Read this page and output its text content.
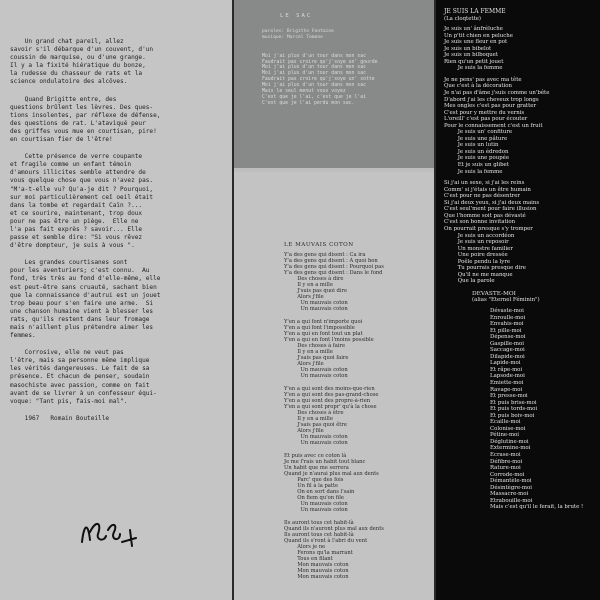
Un grand chat pareil, allez
savoir s'il débarque d'un couvent, d'un
coussin de marquise, ou d'une grange.
Il y a la fixité hiératique du bonze,
la rudesse du chasseur de rats et la
science ondulatoire des alcôves.

Quand Brigitte entre, des
questions brûlent les lèvres. Des ques-
tions insolentes, par réflexe de défense,
des questions de rat. L'ataviqué peur
des griffes vous mue en courtisan, pire!
en courtisan fier de l'être!

Cette présence de verre coupante
et fragile comme un enfant témoin
d'amours illicites semble attendre de
vous quelque chose que vous n'avez pas.
"M'a-t-elle vu? Qu'a-je dit ? Pourquoi,
sur moi particulièrement ceî oeil était
dans la tombe et regardait Caïn ?...
et ce sourire, maintenant, trop doux
pour ne pas être un piège.  Elle ne
l'a pas fait exprès ? savoir... Elle
passe et semble dire: "Si vous rêvez
d'être dompteur, je suis à vous ".

Les grandes courtisanes sont
pour les aventuriers; c'est connu.  Au
fond, très très au fond d'elle-même, elle
est peut-être sans cruauté, sachant bien
que la connaissance d'autrui est un jouet
trop beau pour s'en faire une arme.  Si
une chanson humaine vient à blesser les
rats, qu'ils restent dans leur fromage
mais n'aillent plus prétendre aimer les
femmes.

Corrosive, elle ne veut pas
l'être, mais sa personne même implique
les vérités dangereuses. Le fait de sa
présence. Et chacun de penser, soudain
masochiste avec passion, comme on fait
avant de se livrer à un confesseur équi-
voque: "Tant pis, fais-moi mal".

1967   Romain Bouteille

LE SAC

paroles: Brigitte Fontaine
musique: Marcel Tomane

Moi j'ai plus d'un tour dans mon sac
Faudrait pas croire qu'j'soye un' gourde
Moi j'ai plus d'un tour dans mon sac
Moi j'ai plus d'un tour dans mon sac
Faudrait pas croire qu'j'soye un' sotte
Moi j'ai plus d'un tour dans mon sac
Mais le seul menut vous voyez
C'est que je l'ai, c'est que je l'ai
C'est que je l'ai perdu mon sac.

LE MAUVAIS COTON

Y'a des gens qui disent : Ca ira
Y'a des gens qui disent : A quoi bon
Y'a des gens qui disent : Pourquoi pas
Y'a des gens qui disent : Dans le fond
Des choses à dire
Il y en a mille
J'suis pas quoi dire
Alors j'file
Un mauvais coton
Un mauvais coton

Y'en a qui font n'importe quoi
Y'en a qui font l'impossible
Y'en a qui en font tout un plat
Y'en a qui en font l'moins possible
Des choses à faire
Il y en a mille
J'sais pas quoi faire
Alors j'file
Un mauvais coton
Un mauvais coton

Y'en a qui sont des moins-que-rien
Y'en a qui sont des pas-grand-chose
Y'en a qui sont des propre-à-rien
Y'en a qui sont propr' qu'à la chose
Des choses à être
Il y en a mille
J'sais pas quoi être
Alors j'file
Un mauvais coton
Un mauvais coton

Et puis avec ce coton là
Je me f'rais un habit tout blanc
Un habit que me serrera
Quand je n'aurai plus mal aux dents
Parc' que des fois
Un fil à la patte
On en sort dans l'sain
On fiem qu'on file
Un mauvais coton
Un mauvais coton

Ils auront tous cet habit-là
Quand ils n'auront plus mal aux dents
Ils auront tous cet habit-là
Quand ils s'ront à l'abri du vent
Alors je ne
Ferons qu'la marrant
Tous en filant
Mon mauvais coton
Mon mauvais coton
Mon mauvais coton

JE SUIS LA FEMME

(La cloqtette)

Je suis un' ânfréluche
Un p'tit chien en peluche
Je suis une fleur en pot
Je suis un bibelot
Je suis un bilboquet
Rien qu'un petit jouet
Je suis la femme

Je ne pens' pas avec ma tête
Que c'est à la décoration
Je n'ai pas d'âme j'suis comme un'bête
D'abord j'ai les cheveux trop longs
Mes ongles c'est pas pour gratter
C'est pour y mettre du vernis
L'oreill' c'est pas pour écouter
Pour le connaissement c'est un fruit
Je suis un' confiture
Je suis une pâture
Je suis un lutin
Je suis un édredon
Je suis une poupée
Et je suis un glibet
Je suis la femme

Si j'ai un sexe, si j'ai les reins
Comm' si j'étais un être humain
C'est pour ne pas désentrer
Si j'ai deux yeux, si j'ai deux mains
C'est seul'ment pour faire illusion
Que l'homme soit pas dévasté
C'est son bonne invitation
On pourrait presque s'y tromper
Je suis un accordéon
Je suis un reposoir
Un monstre familier
Une poire dressée
Poêle pendu la lyre
Tu pourrais presque dire
Qu'il ne me manque
Que la parole

DEVASTE-MOI

(alias "Eternel Féminin")

Dévaste-moi
Enroulle-moi
Envahis-moi
Et pille-moi
Dépense-moi
Gaspille-moi
Saccage-moi
Dilapide-moi
Lapide-moi
Et râpe-moi
Lapsode-moi
Emiette-moi
Ravage-moi
Et presse-moi
Et puis brise-moi
Et puis tords-moi
Et puis boiv-moi
Ecaille-moi
Colonise-moi
Pétine-moi
Déglutine-moi
Extermine-moi
Ecrase-moi
Défibre-moi
Rature-moi
Corrode-moi
Démantèle-moi
Désintègre-moi
Massacre-moi
Etrabouille-moi
Mais c'est qu'il le ferait, la brute !
